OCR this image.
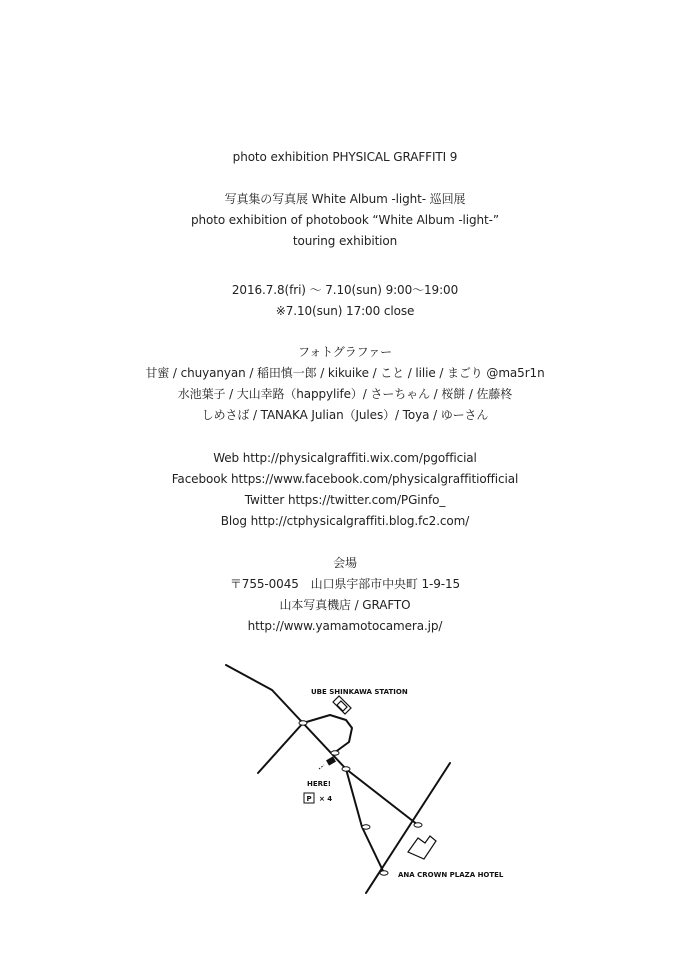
photo exhibition PHYSICAL GRAFFITI 9
写真集の写真展 White Album -light- 巡回展
photo exhibition of photobook “White Album -light-”
touring exhibition
2016.7.8(fri) 〜 7.10(sun) 9:00〜19:00
※7.10(sun) 17:00 close
フォトグラファー
甘蜜 / chuyanyan / 稲田慎一郎 / kikuike / こと / lilie / まごり @ma5r1n
水池葉子 / 大山幸路（happylife）/ さーちゃん / 桜餅 / 佐藤柊
しめさば / TANAKA Julian（Jules）/ Toya / ゆーさん
Web http://physicalgraffiti.wix.com/pgofficial
Facebook https://www.facebook.com/physicalgraffitiofficial
Twitter https://twitter.com/PGinfo_
Blog http://ctphysicalgraffiti.blog.fc2.com/
会場
〒755-0045　山口県宇部市中央町 1-9-15
山本写真機店 / GRAFTO
http://www.yamamotocamera.jp/
UBE SHINKAWA STATION
HERE!
P × 4
ANA CROWN PLAZA HOTEL
